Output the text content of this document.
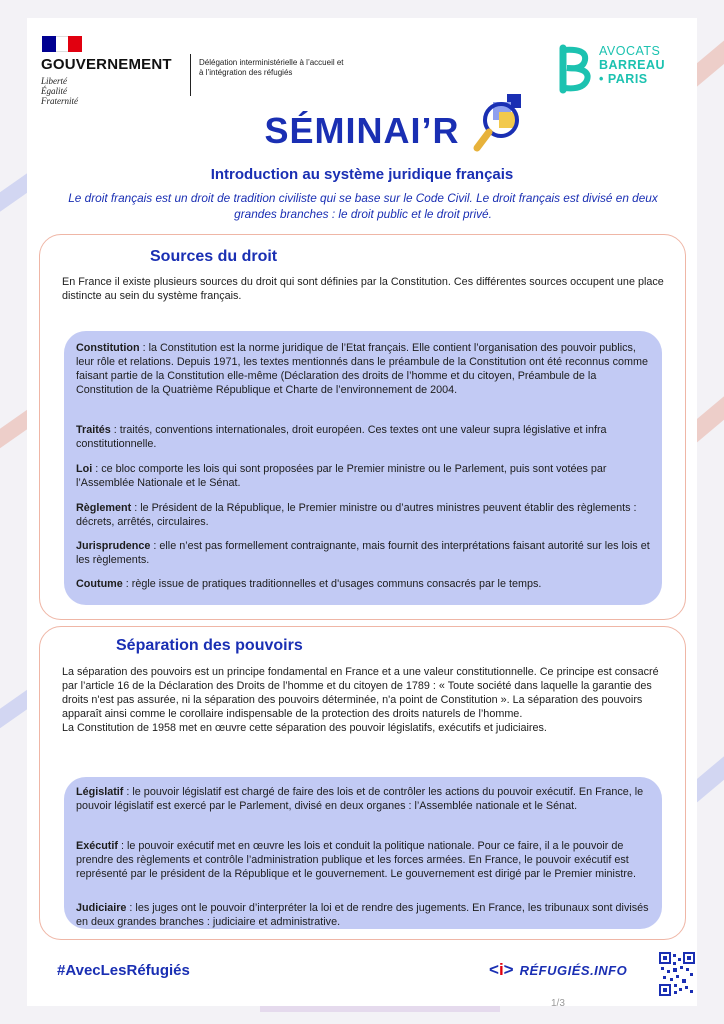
GOUVERNEMENT
Liberté
Égalité
Fraternité
Délégation interministérielle à l’accueil et à l’intégration des réfugiés
AVOCATS
BARREAU
• PARIS
SÉMINAI’R
Introduction au système juridique français
Le droit français est un droit de tradition civiliste qui se base sur le Code Civil. Le droit français est divisé en deux grandes branches : le droit public et le droit privé.
Sources du droit
En France il existe plusieurs sources du droit qui sont définies par la Constitution. Ces différentes sources occupent une place distincte au sein du système français.
Constitution : la Constitution est la norme juridique de l’Etat français. Elle contient l’organisation des pouvoir publics, leur rôle et relations. Depuis 1971, les textes mentionnés dans le préambule de la Constitution ont été reconnus comme faisant partie de la Constitution elle-même (Déclaration des droits de l’homme et du citoyen, Préambule de la Constitution de la Quatrième République et Charte de l’environnement de 2004.
Traités : traités, conventions internationales, droit européen. Ces textes ont une valeur supra législative et infra constitutionnelle.
Loi : ce bloc comporte les lois qui sont proposées par le Premier ministre ou le Parlement, puis sont votées par l’Assemblée Nationale et le Sénat.
Règlement : le Président de la République, le Premier ministre ou d’autres ministres peuvent établir des règlements : décrets, arrêtés, circulaires.
Jurisprudence : elle n’est pas formellement contraignante, mais fournit des interprétations faisant autorité sur les lois et les règlements.
Coutume : règle issue de pratiques traditionnelles et d'usages communs consacrés par le temps.
Séparation des pouvoirs
La séparation des pouvoirs est un principe fondamental en France et a une valeur constitutionnelle. Ce principe est consacré par l’article 16 de la Déclaration des Droits de l’homme et du citoyen de 1789 : « Toute société dans laquelle la garantie des droits n'est pas assurée, ni la séparation des pouvoirs déterminée, n'a point de Constitution ». La séparation des pouvoirs apparaît ainsi comme le corollaire indispensable de la protection des droits naturels de l’homme.
La Constitution de 1958 met en œuvre cette séparation des pouvoir législatifs, exécutifs et judiciaires.
Législatif : le pouvoir législatif est chargé de faire des lois et de contrôler les actions du pouvoir exécutif. En France, le pouvoir législatif est exercé par le Parlement, divisé en deux organes : l’Assemblée nationale et le Sénat.
Exécutif : le pouvoir exécutif met en œuvre les lois et conduit la politique nationale. Pour ce faire, il a le pouvoir de prendre des règlements et contrôle l’administration publique et les forces armées. En France, le pouvoir exécutif est représenté par le président de la République et le gouvernement. Le gouvernement est dirigé par le Premier ministre.
Judiciaire : les juges ont le pouvoir d’interpréter la loi et de rendre des jugements. En France, les tribunaux sont divisés en deux grandes branches : judiciaire et administrative.
#AvecLesRéfugiés	<i> RÉFUGIÉS.INFO
1/3
